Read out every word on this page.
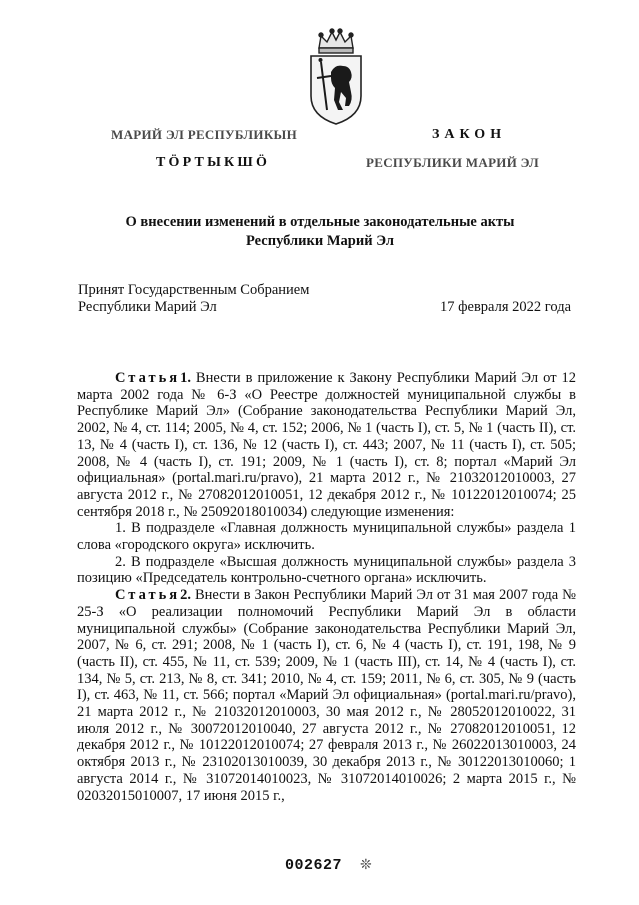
МАРИЙ ЭЛ РЕСПУБЛИКЫН
ТӦРТЫКШӦ
ЗАКОН
РЕСПУБЛИКИ МАРИЙ ЭЛ
О внесении изменений в отдельные законодательные акты
Республики Марий Эл
Принят Государственным Собранием
Республики Марий Эл	17 февраля 2022 года

Статья1. Внести в приложение к Закону Республики Марий Эл от 12 марта 2002 года № 6-З «О Реестре должностей муниципальной службы в Республике Марий Эл» (Собрание законодательства Республики Марий Эл, 2002, № 4, ст. 114; 2005, № 4, ст. 152; 2006, № 1 (часть I), ст. 5, № 1 (часть II), ст. 13, № 4 (часть I), ст. 136, № 12 (часть I), ст. 443; 2007, № 11 (часть I), ст. 505; 2008, № 4 (часть I), ст. 191; 2009, № 1 (часть I), ст. 8; портал «Марий Эл официальная» (portal.mari.ru/pravo), 21 марта 2012 г., № 21032012010003, 27 августа 2012 г., № 27082012010051, 12 декабря 2012 г., № 10122012010074; 25 сентября 2018 г., № 25092018010034) следующие изменения:

1. В подразделе «Главная должность муниципальной службы» раздела 1 слова «городского округа» исключить.

2. В подразделе «Высшая должность муниципальной службы» раздела 3 позицию «Председатель контрольно-счетного органа» исключить.

Статья2. Внести в Закон Республики Марий Эл от 31 мая 2007 года № 25-З «О реализации полномочий Республики Марий Эл в области муниципальной службы» (Собрание законодательства Республики Марий Эл, 2007, № 6, ст. 291; 2008, № 1 (часть I), ст. 6, № 4 (часть I), ст. 191, 198, № 9 (часть II), ст. 455, № 11, ст. 539; 2009, № 1 (часть III), ст. 14, № 4 (часть I), ст. 134, № 5, ст. 213, № 8, ст. 341; 2010, № 4, ст. 159; 2011, № 6, ст. 305, № 9 (часть I), ст. 463, № 11, ст. 566; портал «Марий Эл официальная» (portal.mari.ru/pravo), 21 марта 2012 г., № 21032012010003, 30 мая 2012 г., № 28052012010022, 31 июля 2012 г., № 30072012010040, 27 августа 2012 г., № 27082012010051, 12 декабря 2012 г., № 10122012010074; 27 февраля 2013 г., № 26022013010003, 24 октября 2013 г., № 23102013010039, 30 декабря 2013 г., № 30122013010060; 1 августа 2014 г., № 31072014010023, № 31072014010026; 2 марта 2015 г., № 02032015010007, 17 июня 2015 г.,

002627 ❊
